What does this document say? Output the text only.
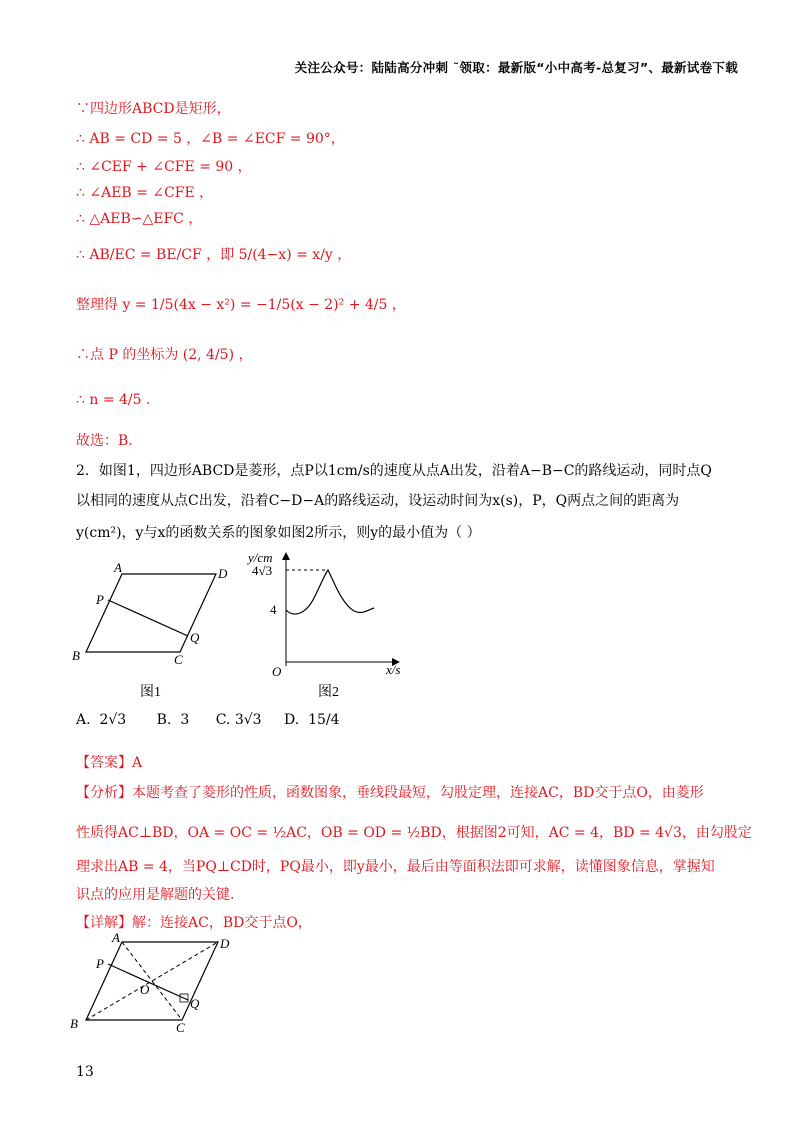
关注公众号：陆陆高分冲刺 ˜领取：最新版“小中高考-总复习”、最新试卷下载
∵四边形ABCD是矩形，
∴ AB = CD = 5 ，∠B = ∠ECF = 90°，
∴ ∠CEF + ∠CFE = 90 ，
∴ ∠AEB = ∠CFE ，
∴ △AEB∽△EFC ，
∴ AB/EC = BE/CF ，即 5/(4−x) = x/y ，
整理得 y = 1/5(4x − x²) = −1/5(x − 2)² + 4/5 ，
∴点 P 的坐标为 (2, 4/5) ，
∴ n = 4/5 .
故选：B.
2．如图1，四边形ABCD是菱形，点P以1cm/s的速度从点A出发，沿着A−B−C的路线运动，同时点Q
以相同的速度从点C出发，沿着C−D−A的路线运动，设运动时间为x(s)，P，Q两点之间的距离为
y(cm²)，y与x的函数关系的图象如图2所示，则y的最小值为（ ）
A	D
P
Q
B	C
图1
y/cm
4√3
4
O	x/s
图2
A.  2√3 B.  3 C. 3√3 D.  15/4
【答案】A
【分析】本题考查了菱形的性质，函数图象，垂线段最短，勾股定理，连接AC，BD交于点O，由菱形
性质得AC⊥BD，OA = OC = ½AC，OB = OD = ½BD，根据图2可知，AC = 4，BD = 4√3，由勾股定
理求出AB = 4，当PQ⊥CD时，PQ最小，即y最小，最后由等面积法即可求解，读懂图象信息，掌握知
识点的应用是解题的关键.
【详解】解：连接AC，BD交于点O，
A	D
P
O
Q
B	C
13
